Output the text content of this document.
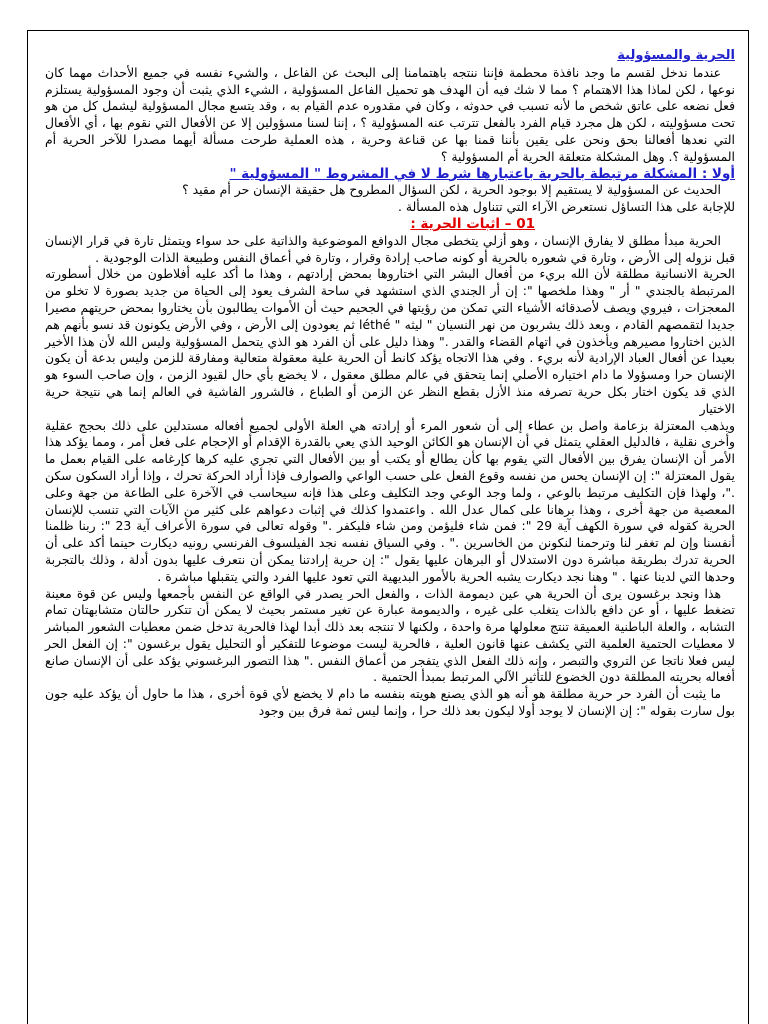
الحرية والمسؤولية

عندما ندخل لقسم ما وجد نافذة محطمة فإننا ننتجه باهتمامنا إلى البحث عن الفاعل ، والشيء نفسه في جميع الأحداث مهما كان نوعها ، لكن لماذا هذا الاهتمام ؟ مما لا شك فيه أن الهدف هو تحميل الفاعل المسؤولية ، الشيء الذي يثبت أن وجود المسؤولية يستلزم فعل نضعه على عاتق شخص ما لأنه تسبب في حدوثه ، وكان في مقدوره عدم القيام به ، وقد يتسع مجال المسؤولية ليشمل كل من هو تحت مسؤوليته ، لكن هل مجرد قيام الفرد بالفعل تترتب عنه المسؤولية ؟ ، إننا لسنا مسؤولين إلا عن الأفعال التي نقوم بها ، أي الأفعال التي نعدها أفعالنا بحق ونحن على يقين بأننا قمنا بها عن قناعة وحرية ، هذه العملية طرحت مسألة أيهما مصدرا للآخر الحرية أم المسؤولية ؟. وهل المشكلة متعلقة الحرية أم المسؤولية ؟

أولا : المشكلة مرتبطة بالحرية باعتبارها شرط لا في المشروط " المسؤولية "

الحديث عن المسؤولية لا يستقيم إلا بوجود الحرية ، لكن السؤال المطروح هل حقيقة الإنسان حر أم مقيد ؟

للإجابة على هذا التساؤل نستعرض الآراء التي تتناول هذه المسألة .

01 – اثبات الحرية :

الحرية مبدأ مطلق لا يفارق الإنسان ، وهو أزلي يتخطى مجال الدوافع الموضوعية والذاتية على حد سواء ويتمثل تارة في قرار الإنسان قبل نزوله إلى الأرض ، وتارة في شعوره بالحرية أو كونه صاحب إرادة وقرار ، وتارة في أعماق النفس وطبيعة الذات الوجودية .

الحرية الانسانية مطلقة لأن الله بريء من أفعال البشر التي اختاروها بمحض إرادتهم ، وهذا ما أكد عليه أفلاطون من خلال أسطورته المرتبطة بالجندي " أر " وهذا ملخصها ": إن أر الجندي الذي استشهد في ساحة الشرف يعود إلى الحياة من جديد بصورة لا تخلو من المعجزات ، فيروي ويصف لأصدقائه الأشياء التي تمكن من رؤيتها في الجحيم حيث أن الأموات يطالبون بأن يختاروا بمحض حريتهم مصيرا جديدا لتقمصهم القادم ، وبعد ذلك يشربون من نهر النسيان " ليثه " léthé ثم يعودون إلى الأرض ، وفي الأرض يكونون قد نسو بأنهم هم الذين اختاروا مصيرهم ويأخذون في اتهام القضاء والقدر ." وهذا دليل على أن الفرد هو الذي يتحمل المسؤولية وليس الله لأن هذا الأخير بعيدا عن أفعال العباد الإرادية لأنه بريء . وفي هذا الاتجاه يؤكد كانط أن الحرية علية معقولة متعالية ومفارقة للزمن وليس بدعة أن يكون الإنسان حرا ومسؤولا ما دام اختياره الأصلي إنما يتحقق في عالم مطلق معقول ، لا يخضع بأي حال لقيود الزمن ، وإن صاحب السوء هو الذي قد يكون اختار بكل حرية تصرفه منذ الأزل بقطع النظر عن الزمن أو الطباع ، فالشرور الفاشية في العالم إنما هي نتيجة حرية الاختيار

ويذهب المعتزلة بزعامة واصل بن عطاء إلى أن شعور المرء أو إرادته هي العلة الأولى لجميع أفعاله مستدلين على ذلك بحجج عقلية وأخرى نقلية ، فالدليل العقلي يتمثل في أن الإنسان هو الكائن الوحيد الذي يعي بالقدرة الإقدام أو الإحجام على فعل أمر ، ومما يؤكد هذا الأمر أن الإنسان يفرق بين الأفعال التي يقوم بها كأن يطالع أو يكتب أو بين الأفعال التي تجري عليه كرها كإرغامه على القيام بعمل ما يقول المعتزلة ": إن الإنسان يحس من نفسه وقوع الفعل على حسب الواعي والصوارف فإذا أراد الحركة تحرك ، وإذا أراد السكون سكن ."، ولهذا فإن التكليف مرتبط بالوعي ، ولما وجد الوعي وجد التكليف وعلى هذا فإنه سيحاسب في الآخرة على الطاعة من جهة وعلى المعصية من جهة أخرى ، وهذا برهانا على كمال عدل الله . واعتمدوا كذلك في إثبات دعواهم على كثير من الآيات التي تنسب للإنسان الحرية كقوله في سورة الكهف آية 29 ": فمن شاء فليؤمن ومن شاء فليكفر ." وقوله تعالى في سورة الأعراف آية 23 ": ربنا ظلمنا أنفسنا وإن لم تغفر لنا وترحمنا لنكونن من الخاسرين ." . وفي السياق نفسه نجد الفيلسوف الفرنسي رونيه ديكارت حينما أكد على أن الحرية تدرك بطريقة مباشرة دون الاستدلال أو البرهان عليها يقول ": إن حرية إرادتنا يمكن أن نتعرف عليها بدون أدلة ، وذلك بالتجربة وحدها التي لدينا عنها . " وهنا نجد ديكارت يشبه الحرية بالأمور البديهية التي تعود عليها الفرد والتي يتقبلها مباشرة .

هذا ونجد برغسون يرى أن الحرية هي عين ديمومة الذات ، والفعل الحر يصدر في الواقع عن النفس بأجمعها وليس عن قوة معينة تضغط عليها ، أو عن دافع بالذات يتغلب على غيره ، والديمومة عبارة عن تغير مستمر بحيث لا يمكن أن تتكرر حالتان متشابهتان تمام التشابه ، والعلة الباطنية العميقة تنتج معلولها مرة واحدة ، ولكنها لا تنتجه بعد ذلك أبدا لهذا فالحرية تدخل ضمن معطيات الشعور المباشر لا معطيات الحتمية العلمية التي يكشف عنها قانون العلية ، فالحرية ليست موضوعا للتفكير أو التحليل يقول برغسون ": إن الفعل الحر ليس فعلا ناتجا عن التروي والتبصر ، وإنه ذلك الفعل الذي يتفجر من أعماق النفس ." هذا التصور البرغسوني يؤكد على أن الإنسان صانع أفعاله بحريته المطلقة دون الخضوع للتأثير الآلي المرتبط بمبدأ الحتمية .

ما يثبت أن الفرد حر حرية مطلقة هو أنه هو الذي يصنع هويته بنفسه ما دام لا يخضع لأي قوة أخرى ، هذا ما حاول أن يؤكد عليه جون بول سارت بقوله ": إن الإنسان لا يوجد أولا ليكون بعد ذلك حرا ، وإنما ليس ثمة فرق بين وجود
